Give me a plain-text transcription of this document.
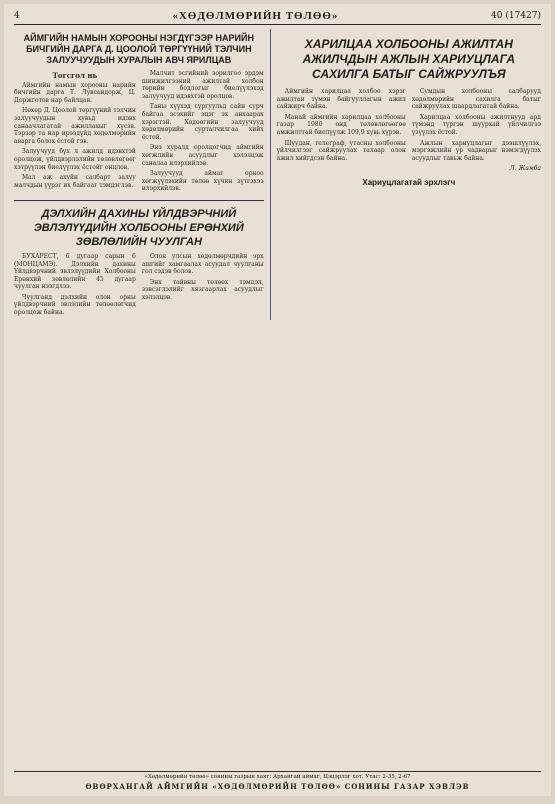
4	«ХӨДӨЛМӨРИЙН ТӨЛӨӨ»	40 (17427)
АЙМГИЙН НАМЫН ХОРООНЫ НЭГДҮГЭЭР НАРИЙН БИЧГИЙН ДАРГА Д. ЦООЛОЙ ТӨРГҮҮНИЙ ТЭЛЧИН ЗАЛУУЧУУДЫН ХУРАЛЫН АВЧ ЯРИЛЦАВ
Тогсгол нь

Аймгийн намын хорооны нарийн бичгийн дарга Т. Лувсандорж, Ц. Доржготов нар байлцав.

Нөхөр Д. Цоолой төргүүний тэлчин залуучуудын хувьд идэвх санаачлагатай ажиллахыг хүсэв. Тэрээр та нар ирээдүйд хөдөлмөрийн аварга болох ёстой гэв.

Залуучууд бүх л ажилд идэвхтэй оролцож, үйлдвэрлэлийн төлөвлөгөөг хэтрүүлэн биелүүлэх ёстойг онцлов.

Мал аж ахуйн салбарт залуу малчдын үүрэг их байгааг тэмдэглэв.

Малчит эсгийний зорилгоо эрдэм шинжилгээний ажилтай холбон төрийн бодлогыг биелүүлэхэд залуучууд идэвхтэй оролцов.

Таны хүүхэд сургуульд сайн сурч байгаа эсэхийг эцэг эх анхаарах хэрэгтэй. Хөдөөгийн залуучууд хөдөлмөрийн сурталчилгаа хийх ёстой.

Энэ хуралд оролцогчид аймгийн хөгжлийн асуудлыг хэлэлцэж саналаа илэрхийлэв.

Залуучууд аймаг орноо хөгжүүлэхийн төлөө хүчин зүтгэхээ илэрхийлэв.

ДЭЛХИЙН ДАХИНЫ ҮЙЛДВЭРЧНИЙ ЭВЛЭЛҮҮДИЙН ХОЛБООНЫ ЕРӨНХИЙ ЗӨВЛӨЛИЙН ЧУУЛГАН

БУХАРЕСТ, 6 дугаар сарын 6 (МОНЦАМЭ). Дэлхийн дахины Үйлдвэрчний эвлэлүүдийн Холбооны Ерөнхий зөвлөлийн 45 дугаар чуулган нээгдлээ.

Чуулганд дэлхийн олон орны үйлдвэрчний эвлэлийн төлөөлөгчид оролцож байна.

Олон улсын хөдөлмөрчдийн эрх ашгийг хамгаалах асуудал чуулганы гол сэдэв болов.

Энх тайвны төлөөх тэмцэл, зэвсэглэлийг хязгаарлах асуудлыг хэлэлцэв.

ХАРИЛЦАА ХОЛБООНЫ АЖИЛТАН АЖИЛЧДЫН АЖЛЫН ХАРИУЦЛАГА САХИЛГА БАТЫГ САЙЖРУУЛЪЯ

Аймгийн харилцаа холбоо хэрэг ажилтан түмэн байгууллагын ажил сайжирч байна.

Манай аймгийн харилцаа холбооны газар 1980 онд төлөвлөгөөгөө амжилттай биелүүлж 109,9 хувь хүрэв.

Шуудан, телеграф, утасны холбооны үйлчилгээг сайжруулах талаар олон ажил хийгдсэн байна.

Сумдын холбооны салбарууд хөдөлмөрийн сахилга батыг сайжруулах шаардлагатай байна.

Харилцаа холбооны ажилтнууд ард түмэнд түргэн шуурхай үйлчилгээ үзүүлэх ёстой.

Ажлын хариуцлагыг дээшлүүлэх, мэргэжлийн ур чадварыг нэмэгдүүлэх асуудлыг тавьж байна.

Л. Жамба
Хариуцлагатай эрхлэгч
«Хөдөлмөрийн төлөө» сонины газрын хаяг: Архангай аймаг, Цэцэрлэг хот. Утас: 2-35, 2-67
ӨВӨРХАНГАЙ АЙМГИЙН «ХӨДӨЛМӨРИЙН ТӨЛӨӨ» СОНИНЫ ГАЗАР ХЭВЛЭВ
